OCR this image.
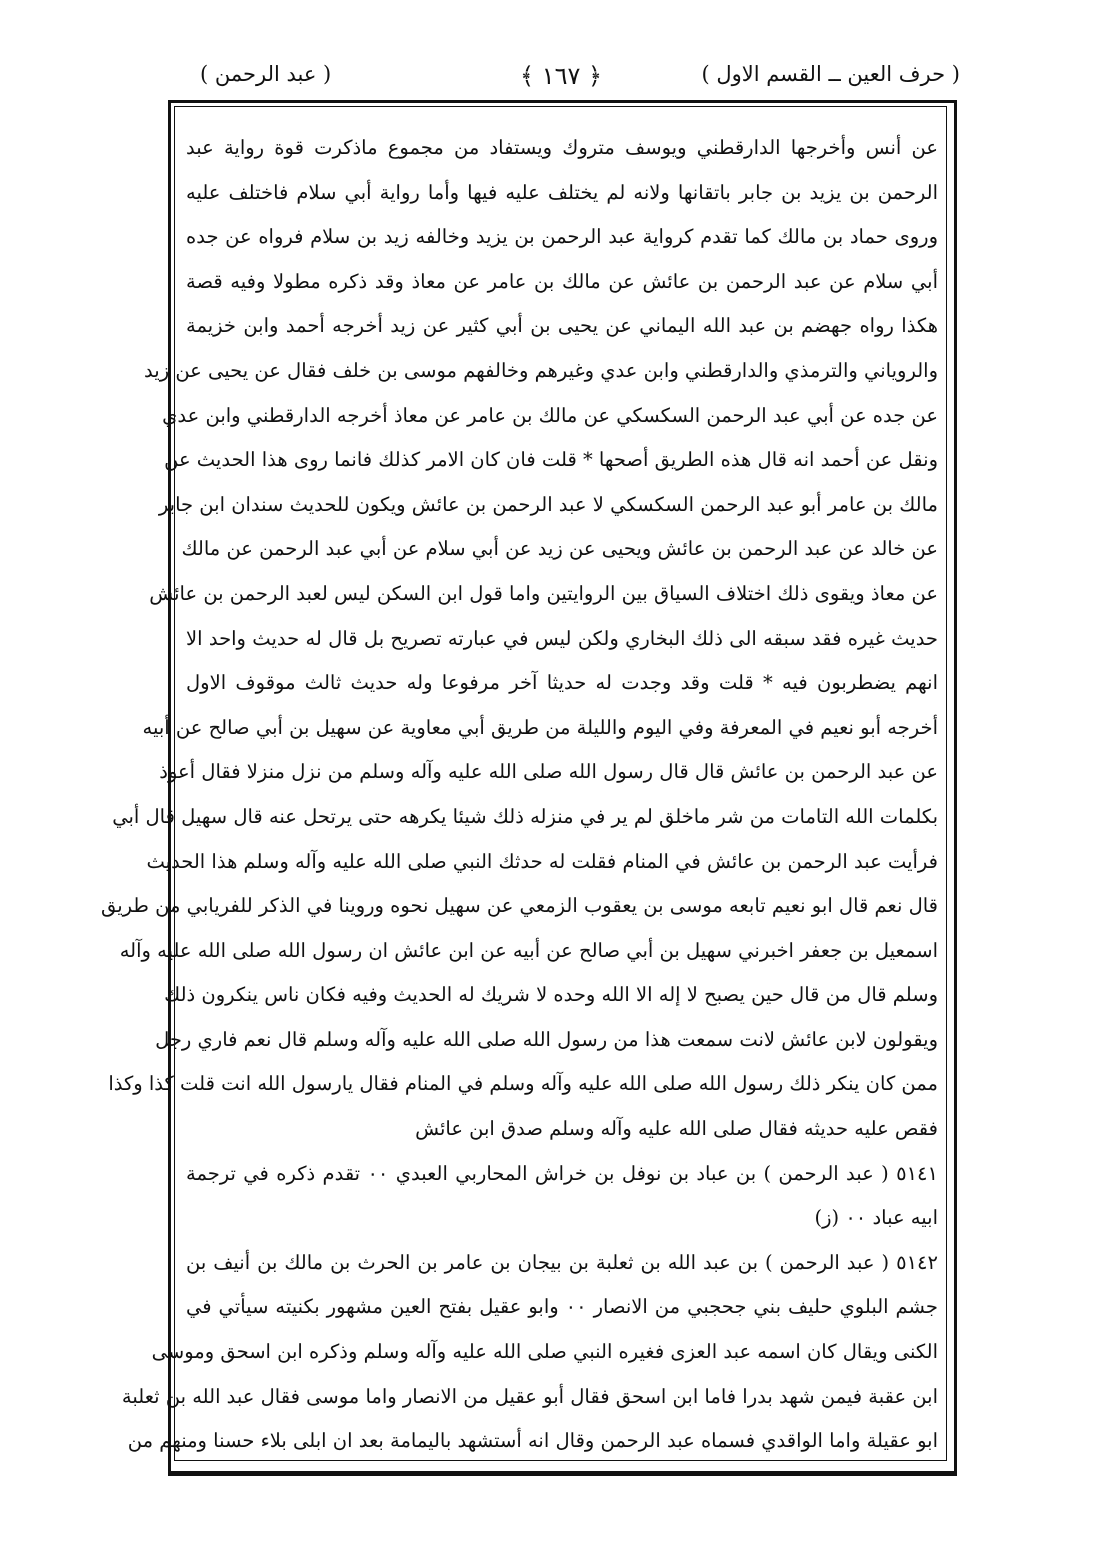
( حرف العين ــ القسم الاول )
﴿ ١٦٧ ﴾
( عبد الرحمن )
عن أنس وأخرجها الدارقطني ويوسف متروك ويستفاد من مجموع ماذكرت قوة رواية عبد
الرحمن بن يزيد بن جابر باتقانها ولانه لم يختلف عليه فيها وأما رواية أبي سلام فاختلف عليه
وروى حماد بن مالك كما تقدم كرواية عبد الرحمن بن يزيد وخالفه زيد بن سلام فرواه عن جده
أبي سلام عن عبد الرحمن بن عائش عن مالك بن عامر عن معاذ وقد ذكره مطولا وفيه قصة
هكذا رواه جهضم بن عبد الله اليماني عن يحيى بن أبي كثير عن زيد أخرجه أحمد وابن خزيمة
والروياني والترمذي والدارقطني وابن عدي وغيرهم وخالفهم موسى بن خلف فقال عن يحيى عن زيد
عن جده عن أبي عبد الرحمن السكسكي عن مالك بن عامر عن معاذ أخرجه الدارقطني وابن عدي
ونقل عن أحمد انه قال هذه الطريق أصحها * قلت فان كان الامر كذلك فانما روى هذا الحديث عن
مالك بن عامر أبو عبد الرحمن السكسكي لا عبد الرحمن بن عائش ويكون للحديث سندان ابن جابر
عن خالد عن عبد الرحمن بن عائش ويحيى عن زيد عن أبي سلام عن أبي عبد الرحمن عن مالك
عن معاذ ويقوى ذلك اختلاف السياق بين الروايتين واما قول ابن السكن ليس لعبد الرحمن بن عائش
حديث غيره فقد سبقه الى ذلك البخاري ولكن ليس في عبارته تصريح بل قال له حديث واحد الا
انهم يضطربون فيه * قلت وقد وجدت له حديثا آخر مرفوعا وله حديث ثالث موقوف الاول
أخرجه أبو نعيم في المعرفة وفي اليوم والليلة من طريق أبي معاوية عن سهيل بن أبي صالح عن أبيه
عن عبد الرحمن بن عائش قال قال رسول الله صلى الله عليه وآله وسلم من نزل منزلا فقال أعوذ
بكلمات الله التامات من شر ماخلق لم ير في منزله ذلك شيئا يكرهه حتى يرتحل عنه قال سهيل قال أبي
فرأيت عبد الرحمن بن عائش في المنام فقلت له حدثك النبي صلى الله عليه وآله وسلم هذا الحديث
قال نعم قال ابو نعيم تابعه موسى بن يعقوب الزمعي عن سهيل نحوه وروينا في الذكر للفريابي من طريق
اسمعيل بن جعفر اخبرني سهيل بن أبي صالح عن أبيه عن ابن عائش ان رسول الله صلى الله عليه وآله
وسلم قال من قال حين يصبح لا إله الا الله وحده لا شريك له الحديث وفيه فكان ناس ينكرون ذلك
ويقولون لابن عائش لانت سمعت هذا من رسول الله صلى الله عليه وآله وسلم قال نعم فاري رجل
ممن كان ينكر ذلك رسول الله صلى الله عليه وآله وسلم في المنام فقال يارسول الله انت قلت كذا وكذا
فقص عليه حديثه فقال صلى الله عليه وآله وسلم صدق ابن عائش
٥١٤١ ( عبد الرحمن ) بن عباد بن نوفل بن خراش المحاربي العبدي ٠٠ تقدم ذكره في ترجمة
ابيه عباد ٠٠ (ز)
٥١٤٢ ( عبد الرحمن ) بن عبد الله بن ثعلبة بن بيجان بن عامر بن الحرث بن مالك بن أنيف بن
جشم البلوي حليف بني جحجبي من الانصار ٠٠ وابو عقيل بفتح العين مشهور بكنيته سيأتي في
الكنى ويقال كان اسمه عبد العزى فغيره النبي صلى الله عليه وآله وسلم وذكره ابن اسحق وموسى
ابن عقبة فيمن شهد بدرا فاما ابن اسحق فقال أبو عقيل من الانصار واما موسى فقال عبد الله بن ثعلبة
ابو عقيلة واما الواقدي فسماه عبد الرحمن وقال انه أستشهد باليمامة بعد ان ابلى بلاء حسنا ومنهم من
